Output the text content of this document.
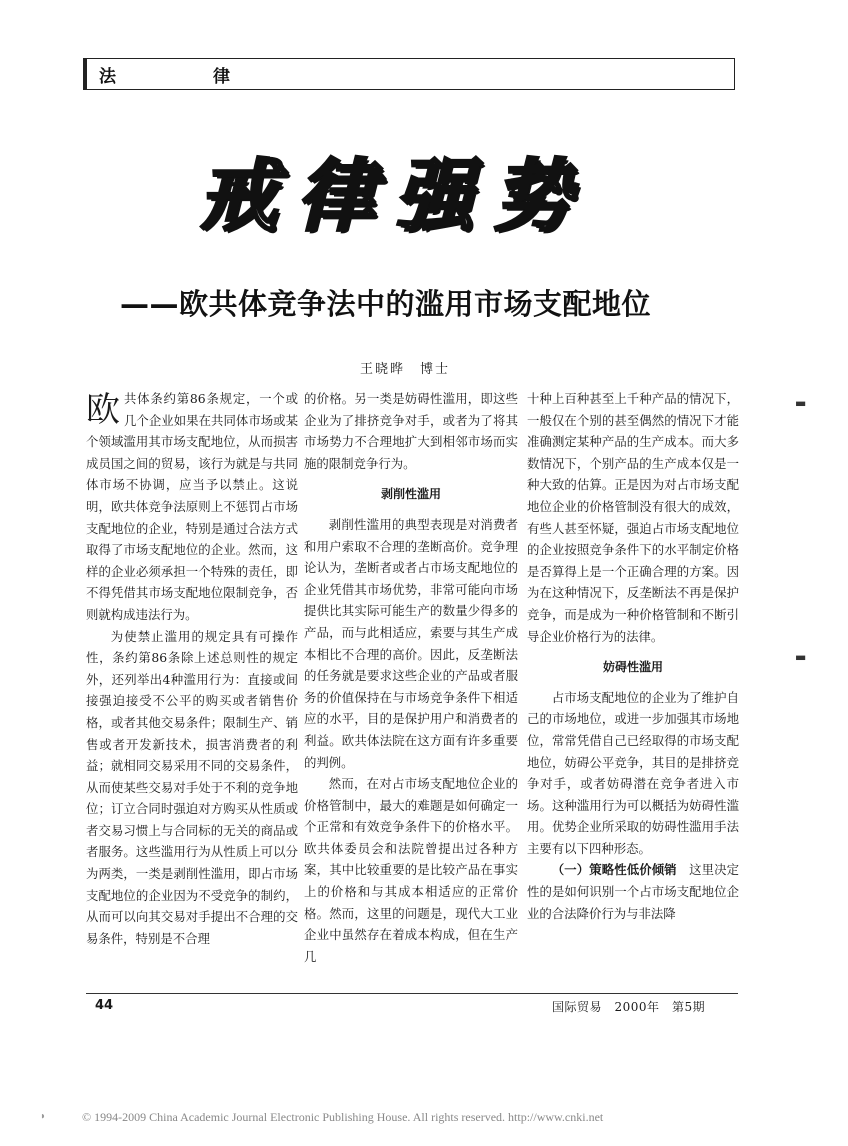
法　律
戒律强势
——欧共体竞争法中的滥用市场支配地位
王晓晔　博士

欧共体条约第86条规定，一个或几个企业如果在共同体市场或某个领域滥用其市场支配地位，从而损害成员国之间的贸易，该行为就是与共同体市场不协调，应当予以禁止。这说明，欧共体竞争法原则上不惩罚占市场支配地位的企业，特别是通过合法方式取得了市场支配地位的企业。然而，这样的企业必须承担一个特殊的责任，即不得凭借其市场支配地位限制竞争，否则就构成违法行为。

为使禁止滥用的规定具有可操作性，条约第86条除上述总则性的规定外，还列举出4种滥用行为：直接或间接强迫接受不公平的购买或者销售价格，或者其他交易条件；限制生产、销售或者开发新技术，损害消费者的利益；就相同交易采用不同的交易条件，从而使某些交易对手处于不利的竞争地位；订立合同时强迫对方购买从性质或者交易习惯上与合同标的无关的商品或者服务。这些滥用行为从性质上可以分为两类，一类是剥削性滥用，即占市场支配地位的企业因为不受竞争的制约，从而可以向其交易对手提出不合理的交易条件，特别是不合理

的价格。另一类是妨碍性滥用，即这些企业为了排挤竞争对手，或者为了将其市场势力不合理地扩大到相邻市场而实施的限制竞争行为。

剥削性滥用

剥削性滥用的典型表现是对消费者和用户索取不合理的垄断高价。竞争理论认为，垄断者或者占市场支配地位的企业凭借其市场优势，非常可能向市场提供比其实际可能生产的数量少得多的产品，而与此相适应，索要与其生产成本相比不合理的高价。因此，反垄断法的任务就是要求这些企业的产品或者服务的价值保持在与市场竞争条件下相适应的水平，目的是保护用户和消费者的利益。欧共体法院在这方面有许多重要的判例。

然而，在对占市场支配地位企业的价格管制中，最大的难题是如何确定一个正常和有效竞争条件下的价格水平。欧共体委员会和法院曾提出过各种方案，其中比较重要的是比较产品在事实上的价格和与其成本相适应的正常价格。然而，这里的问题是，现代大工业企业中虽然存在着成本构成，但在生产几

十种上百种甚至上千种产品的情况下，一般仅在个别的甚至偶然的情况下才能准确测定某种产品的生产成本。而大多数情况下，个别产品的生产成本仅是一种大致的估算。正是因为对占市场支配地位企业的价格管制没有很大的成效，有些人甚至怀疑，强迫占市场支配地位的企业按照竞争条件下的水平制定价格是否算得上是一个正确合理的方案。因为在这种情况下，反垄断法不再是保护竞争，而是成为一种价格管制和不断引导企业价格行为的法律。

妨碍性滥用

占市场支配地位的企业为了维护自己的市场地位，或进一步加强其市场地位，常常凭借自己已经取得的市场支配地位，妨碍公平竞争，其目的是排挤竞争对手，或者妨碍潜在竞争者进入市场。这种滥用行为可以概括为妨碍性滥用。优势企业所采取的妨碍性滥用手法主要有以下四种形态。

（一）策略性低价倾销　这里决定性的是如何识别一个占市场支配地位企业的合法降价行为与非法降

44	国际贸易　2000年　第5期
◗	© 1994-2009 China Academic Journal Electronic Publishing House. All rights reserved. http://www.cnki.net
▬
▬
